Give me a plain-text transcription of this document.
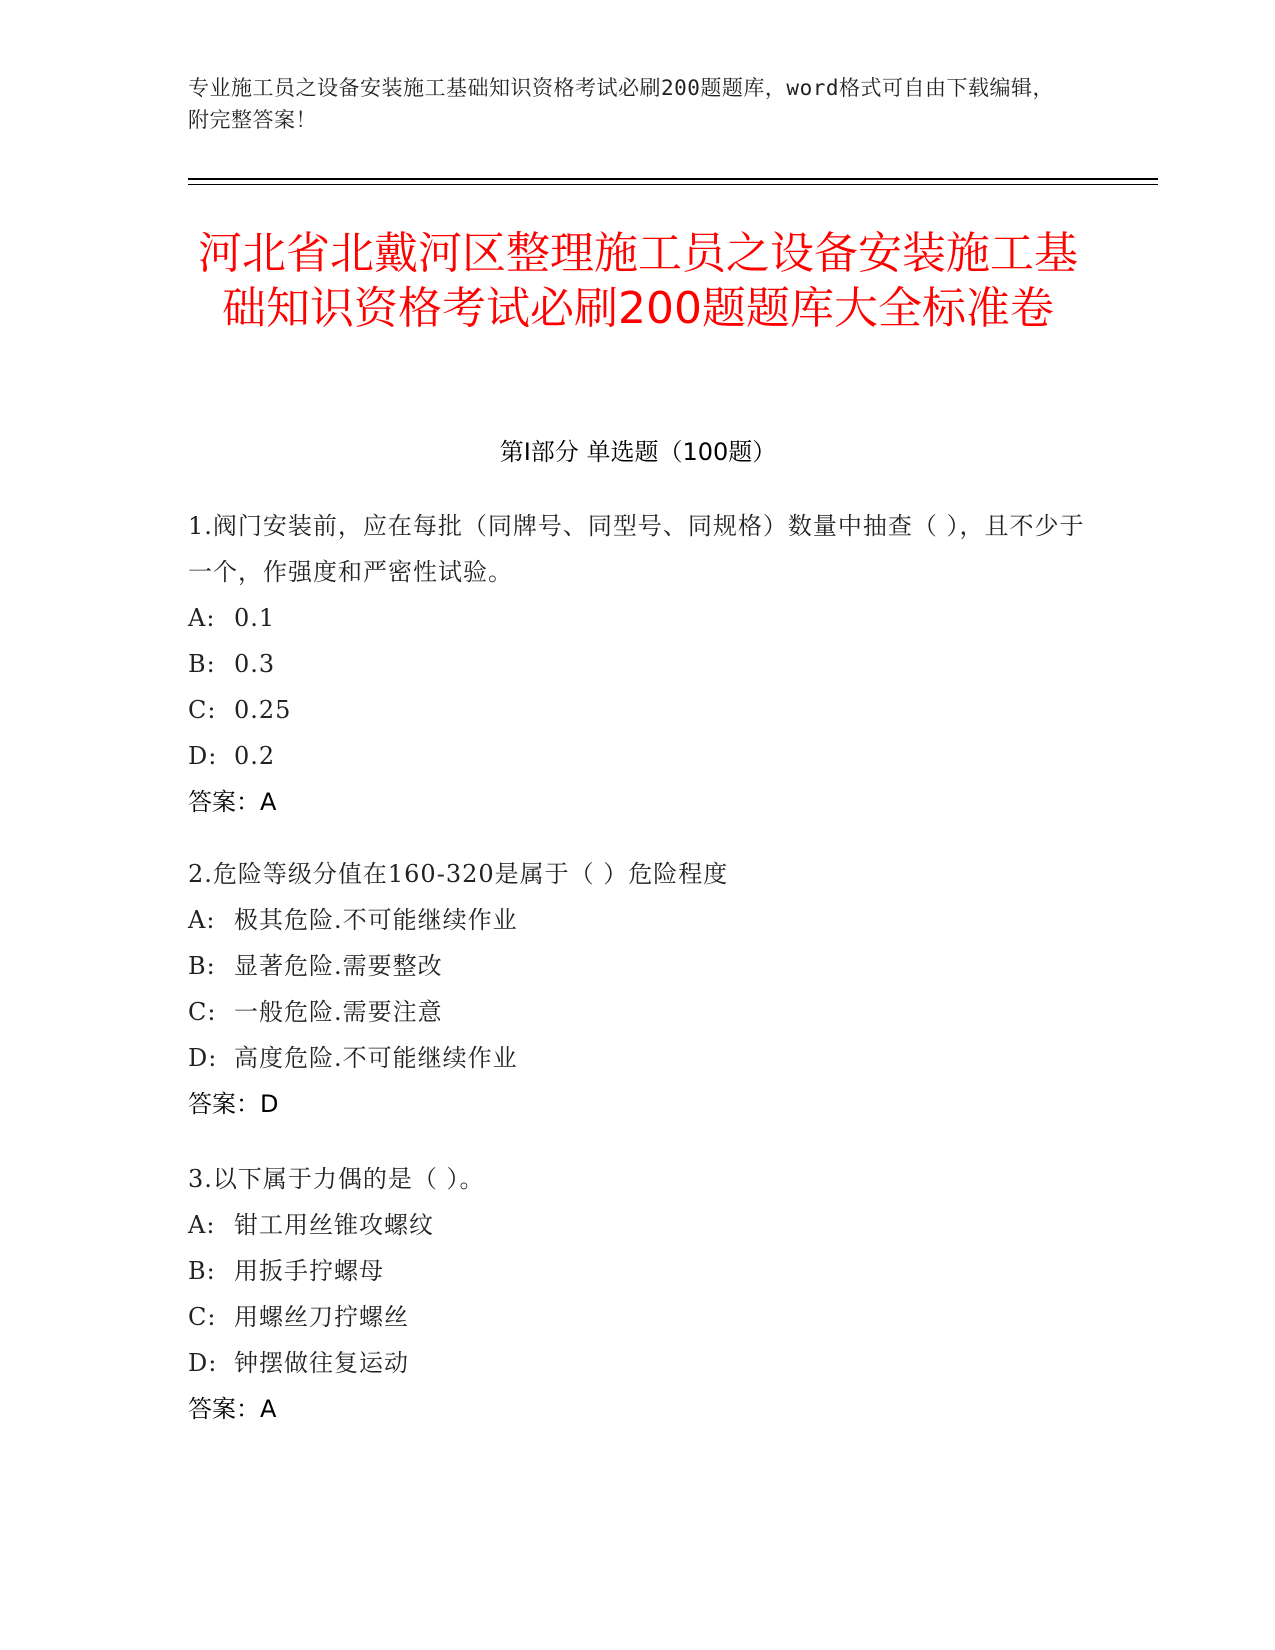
专业施工员之设备安装施工基础知识资格考试必刷200题题库，word格式可自由下载编辑，附完整答案！
河北省北戴河区整理施工员之设备安装施工基础知识资格考试必刷200题题库大全标准卷
第Ⅰ部分 单选题（100题）
1.阀门安装前，应在每批（同牌号、同型号、同规格）数量中抽查（ ），且不少于一个，作强度和严密性试验。
A: 0.1
B: 0.3
C: 0.25
D: 0.2
答案：A
2.危险等级分值在160-320是属于（ ）危险程度
A: 极其危险.不可能继续作业
B: 显著危险.需要整改
C: 一般危险.需要注意
D: 高度危险.不可能继续作业
答案：D
3.以下属于力偶的是（ ）。
A: 钳工用丝锥攻螺纹
B: 用扳手拧螺母
C: 用螺丝刀拧螺丝
D: 钟摆做往复运动
答案：A
